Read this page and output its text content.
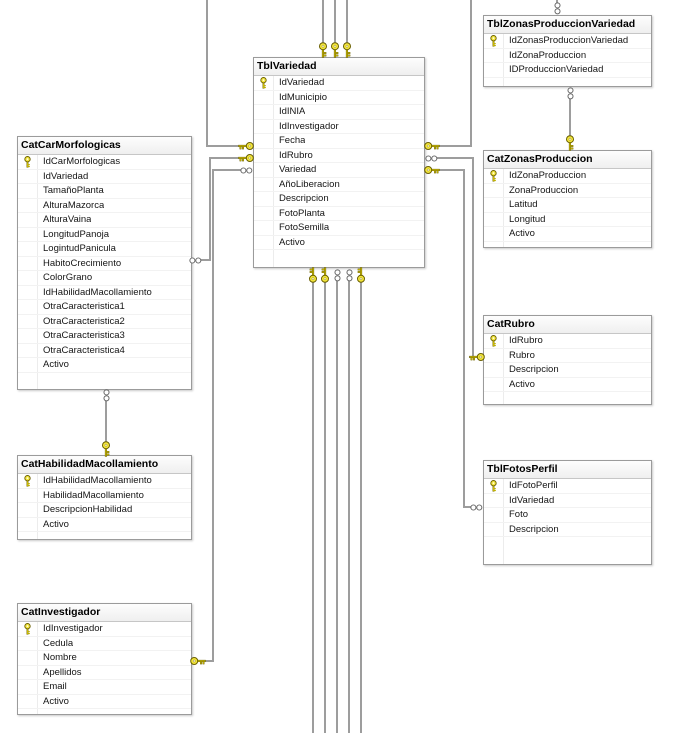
TblVariedad
IdVariedad
IdMunicipio
IdINIA
IdInvestigador
Fecha
IdRubro
Variedad
AñoLiberacion
Descripcion
FotoPlanta
FotoSemilla
Activo
CatCarMorfologicas
IdCarMorfologicas
IdVariedad
TamañoPlanta
AlturaMazorca
AlturaVaina
LongitudPanoja
LogintudPanicula
HabitoCrecimiento
ColorGrano
IdHabilidadMacollamiento
OtraCaracteristica1
OtraCaracteristica2
OtraCaracteristica3
OtraCaracteristica4
Activo
TblZonasProduccionVariedad
IdZonasProduccionVariedad
IdZonaProduccion
IDProduccionVariedad
CatZonasProduccion
IdZonaProduccion
ZonaProduccion
Latitud
Longitud
Activo
CatRubro
IdRubro
Rubro
Descripcion
Activo
TblFotosPerfil
IdFotoPerfil
IdVariedad
Foto
Descripcion
CatHabilidadMacollamiento
IdHabilidadMacollamiento
HabilidadMacollamiento
DescripcionHabilidad
Activo
CatInvestigador
IdInvestigador
Cedula
Nombre
Apellidos
Email
Activo
